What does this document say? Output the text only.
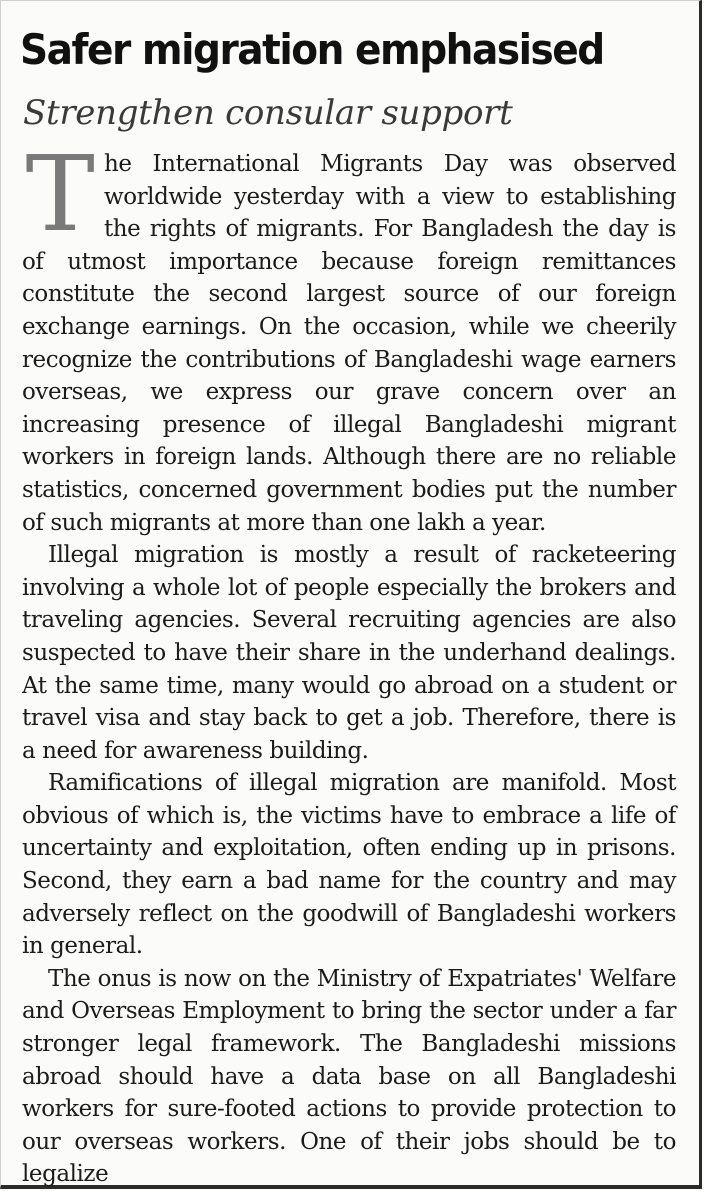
Safer migration emphasised
Strengthen consular support

The International Migrants Day was observed worldwide yesterday with a view to establishing the rights of migrants. For Bangladesh the day is of utmost importance because foreign remittances constitute the second largest source of our foreign exchange earnings. On the occasion, while we cheerily recognize the contributions of Bangladeshi wage earners overseas, we express our grave concern over an increasing presence of illegal Bangladeshi migrant workers in foreign lands. Although there are no reliable statistics, concerned government bodies put the number of such migrants at more than one lakh a year.

Illegal migration is mostly a result of racketeering involving a whole lot of people especially the brokers and traveling agencies. Several recruiting agencies are also suspected to have their share in the underhand dealings. At the same time, many would go abroad on a student or travel visa and stay back to get a job. Therefore, there is a need for awareness building.

Ramifications of illegal migration are manifold. Most obvious of which is, the victims have to embrace a life of uncertainty and exploitation, often ending up in prisons. Second, they earn a bad name for the country and may adversely reflect on the goodwill of Bangladeshi workers in general.

The onus is now on the Ministry of Expatriates' Welfare and Overseas Employment to bring the sector under a far stronger legal framework. The Bangladeshi missions abroad should have a data base on all Bangladeshi workers for sure-footed actions to provide protection to our overseas workers. One of their jobs should be to legalize
